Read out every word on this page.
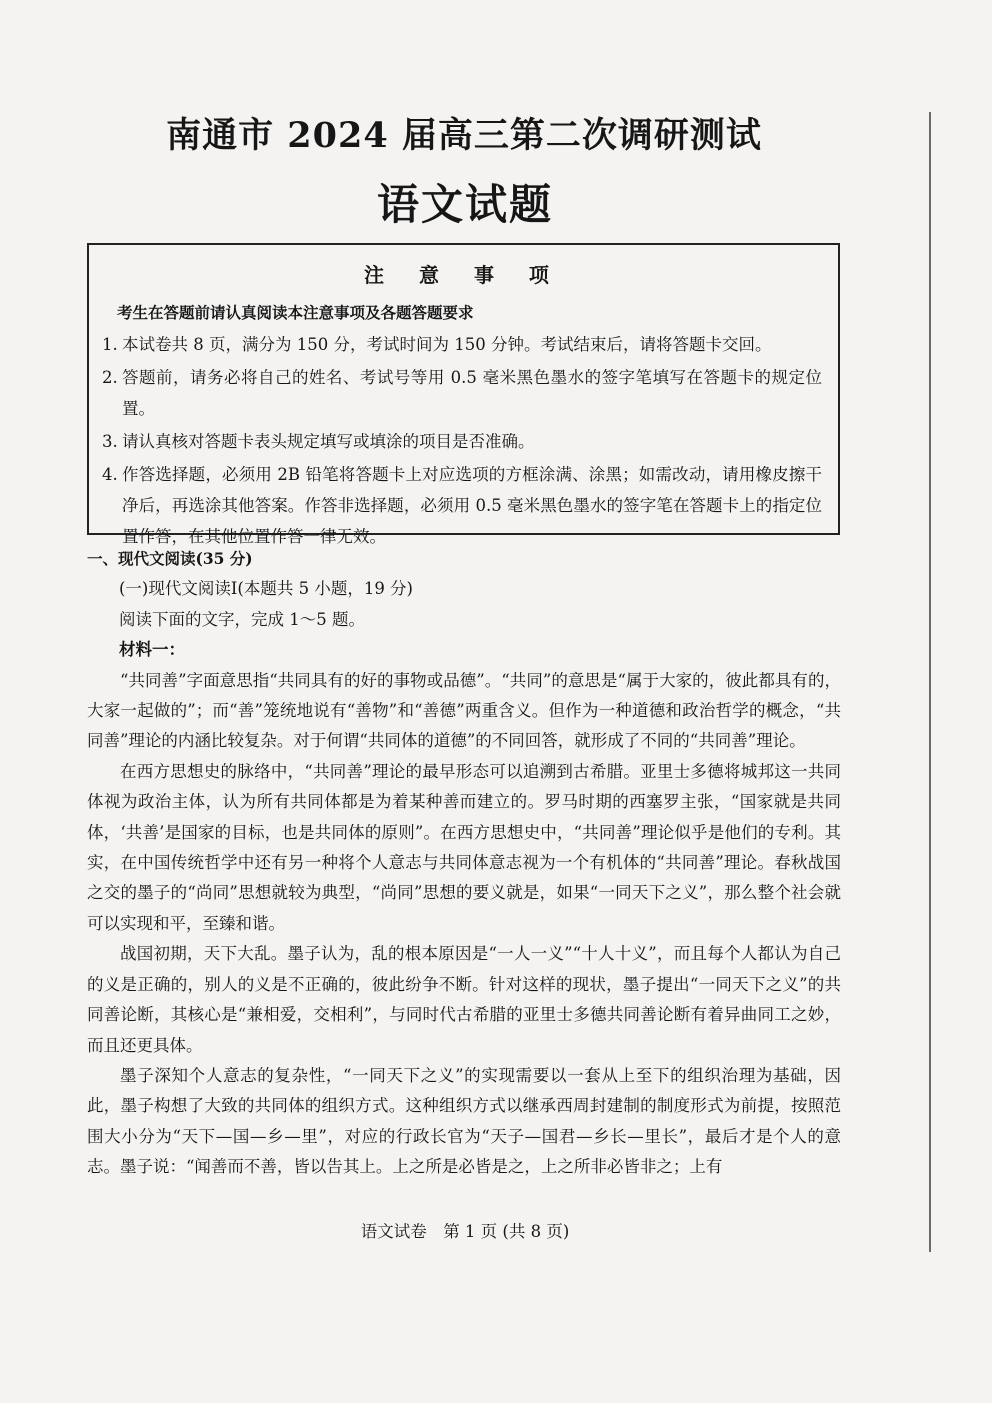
南通市 2024 届高三第二次调研测试
语文试题
注 意 事 项
考生在答题前请认真阅读本注意事项及各题答题要求
1. 本试卷共 8 页，满分为 150 分，考试时间为 150 分钟。考试结束后，请将答题卡交回。
2. 答题前，请务必将自己的姓名、考试号等用 0.5 毫米黑色墨水的签字笔填写在答题卡的规定位置。
3. 请认真核对答题卡表头规定填写或填涂的项目是否准确。
4. 作答选择题，必须用 2B 铅笔将答题卡上对应选项的方框涂满、涂黑；如需改动，请用橡皮擦干净后，再选涂其他答案。作答非选择题，必须用 0.5 毫米黑色墨水的签字笔在答题卡上的指定位置作答，在其他位置作答一律无效。

一、现代文阅读(35 分)

(一)现代文阅读Ⅰ(本题共 5 小题，19 分)

阅读下面的文字，完成 1～5 题。

材料一：

“共同善”字面意思指“共同具有的好的事物或品德”。“共同”的意思是“属于大家的，彼此都具有的，大家一起做的”；而“善”笼统地说有“善物”和“善德”两重含义。但作为一种道德和政治哲学的概念，“共同善”理论的内涵比较复杂。对于何谓“共同体的道德”的不同回答，就形成了不同的“共同善”理论。

在西方思想史的脉络中，“共同善”理论的最早形态可以追溯到古希腊。亚里士多德将城邦这一共同体视为政治主体，认为所有共同体都是为着某种善而建立的。罗马时期的西塞罗主张，“国家就是共同体，‘共善’是国家的目标，也是共同体的原则”。在西方思想史中，“共同善”理论似乎是他们的专利。其实，在中国传统哲学中还有另一种将个人意志与共同体意志视为一个有机体的“共同善”理论。春秋战国之交的墨子的“尚同”思想就较为典型，“尚同”思想的要义就是，如果“一同天下之义”，那么整个社会就可以实现和平，至臻和谐。

战国初期，天下大乱。墨子认为，乱的根本原因是“一人一义”“十人十义”，而且每个人都认为自己的义是正确的，别人的义是不正确的，彼此纷争不断。针对这样的现状，墨子提出“一同天下之义”的共同善论断，其核心是“兼相爱，交相利”，与同时代古希腊的亚里士多德共同善论断有着异曲同工之妙，而且还更具体。

墨子深知个人意志的复杂性，“一同天下之义”的实现需要以一套从上至下的组织治理为基础，因此，墨子构想了大致的共同体的组织方式。这种组织方式以继承西周封建制的制度形式为前提，按照范围大小分为“天下—国—乡—里”，对应的行政长官为“天子—国君—乡长—里长”，最后才是个人的意志。墨子说：“闻善而不善，皆以告其上。上之所是必皆是之，上之所非必皆非之；上有

语文试卷　第 1 页 (共 8 页)
